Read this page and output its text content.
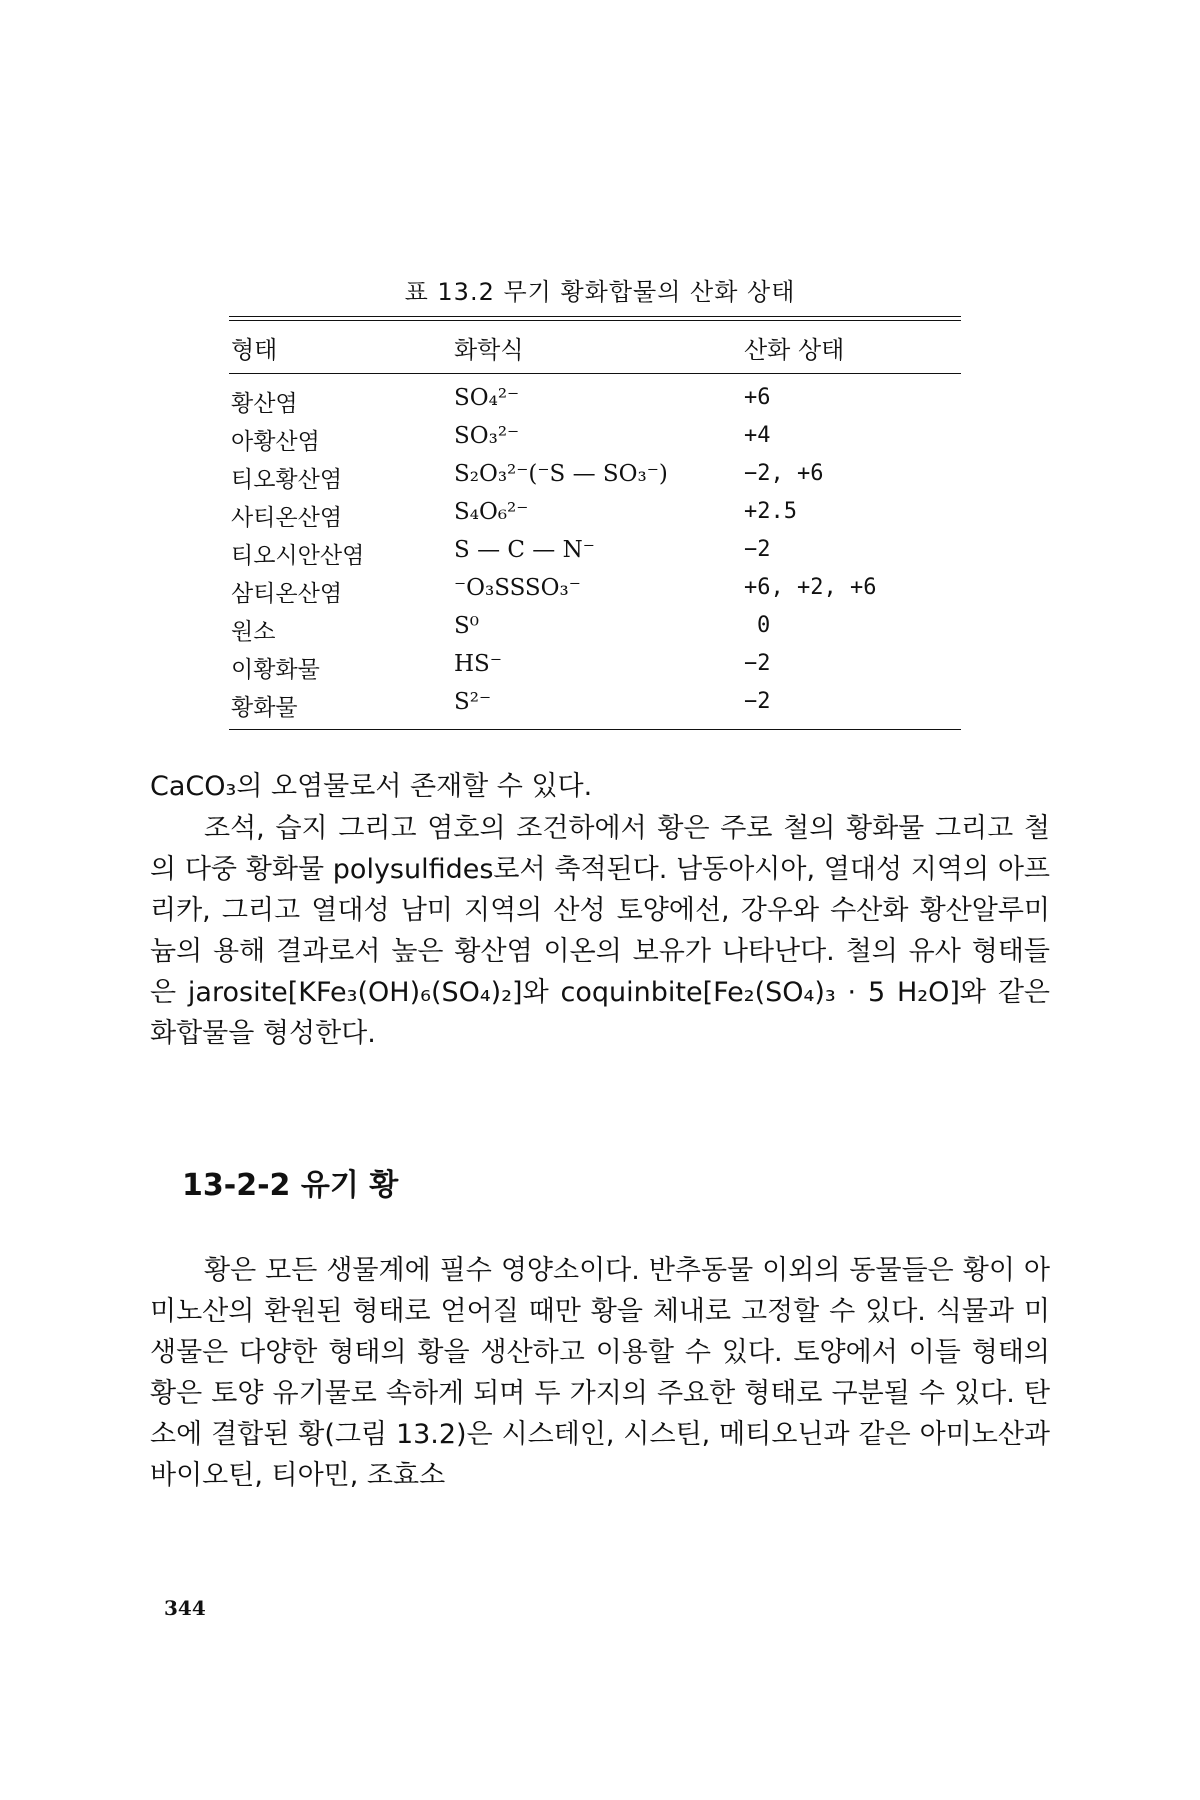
표 13.2 무기 황화합물의 산화 상태
형태	화학식	산화 상태
황산염	SO₄²⁻	+6
아황산염	SO₃²⁻	+4
티오황산염	S₂O₃²⁻(⁻S — SO₃⁻)	−2, +6
사티온산염	S₄O₆²⁻	+2.5
티오시안산염	S — C — N⁻	−2
삼티온산염	⁻O₃SSSO₃⁻	+6, +2, +6
원소	S⁰	0
이황화물	HS⁻	−2
황화물	S²⁻	−2
CaCO₃의 오염물로서 존재할 수 있다.
조석, 습지 그리고 염호의 조건하에서 황은 주로 철의 황화물 그리고 철의 다중 황화물 polysulfides로서 축적된다. 남동아시아, 열대성 지역의 아프리카, 그리고 열대성 남미 지역의 산성 토양에선, 강우와 수산화 황산알루미늄의 용해 결과로서 높은 황산염 이온의 보유가 나타난다. 철의 유사 형태들은 jarosite[KFe₃(OH)₆(SO₄)₂]와 coquinbite[Fe₂(SO₄)₃ · 5 H₂O]와 같은 화합물을 형성한다.
13-2-2 유기 황
황은 모든 생물계에 필수 영양소이다. 반추동물 이외의 동물들은 황이 아미노산의 환원된 형태로 얻어질 때만 황을 체내로 고정할 수 있다. 식물과 미생물은 다양한 형태의 황을 생산하고 이용할 수 있다. 토양에서 이들 형태의 황은 토양 유기물로 속하게 되며 두 가지의 주요한 형태로 구분될 수 있다. 탄소에 결합된 황(그림 13.2)은 시스테인, 시스틴, 메티오닌과 같은 아미노산과 바이오틴, 티아민, 조효소
344
